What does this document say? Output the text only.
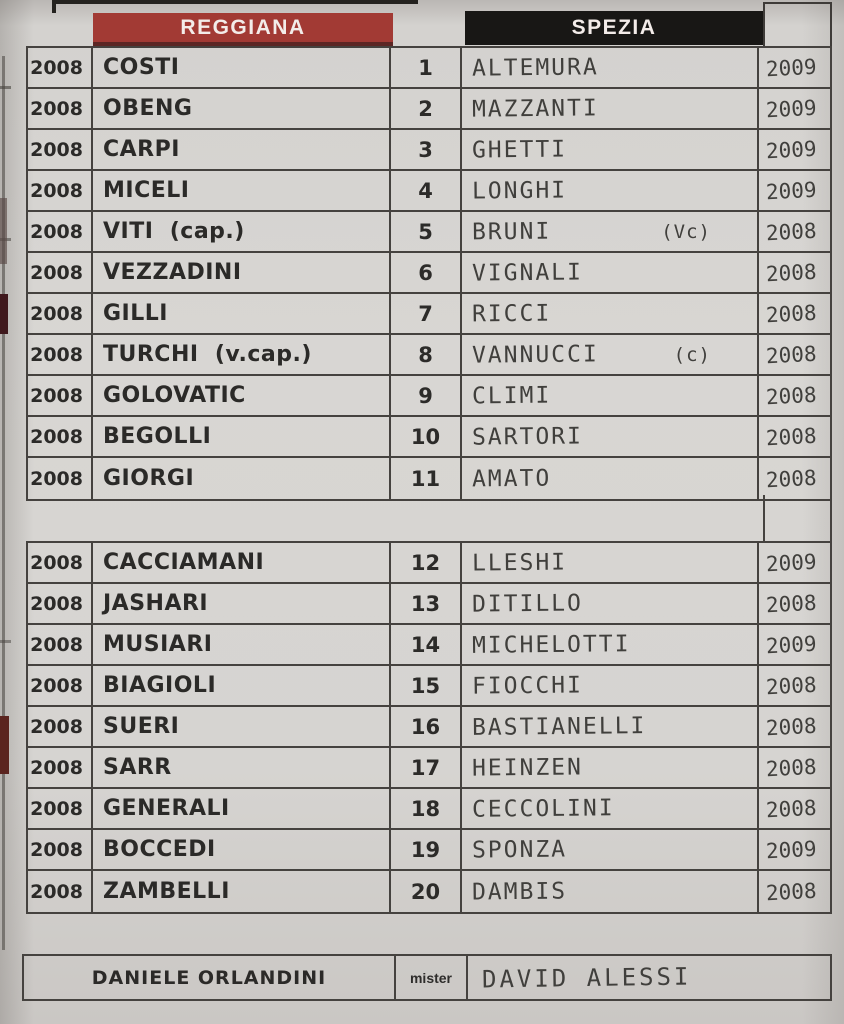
REGGIANA	SPEZIA
2008 COSTI	1 ALTEMURA	2009
2008 OBENG	2 MAZZANTI	2009
2008 CARPI	3 GHETTI	2009
2008 MICELI	4 LONGHI	2009
2008 VITI  (cap.)	5 BRUNI	(Vc)	2008
2008 VEZZADINI	6 VIGNALI	2008
2008 GILLI	7 RICCI	2008
2008 TURCHI  (v.cap.)	8 VANNUCCI	(c)	2008
2008 GOLOVATIC	9 CLIMI	2008
2008 BEGOLLI	10 SARTORI	2008
2008 GIORGI	11 AMATO	2008
2008 CACCIAMANI	12 LLESHI	2009
2008 JASHARI	13 DITILLO	2008
2008 MUSIARI	14 MICHELOTTI	2009
2008 BIAGIOLI	15 FIOCCHI	2008
2008 SUERI	16 BASTIANELLI	2008
2008 SARR	17 HEINZEN	2008
2008 GENERALI	18 CECCOLINI	2008
2008 BOCCEDI	19 SPONZA	2009
2008 ZAMBELLI	20 DAMBIS	2008
DANIELE ORLANDINI	mister DAVID ALESSI
